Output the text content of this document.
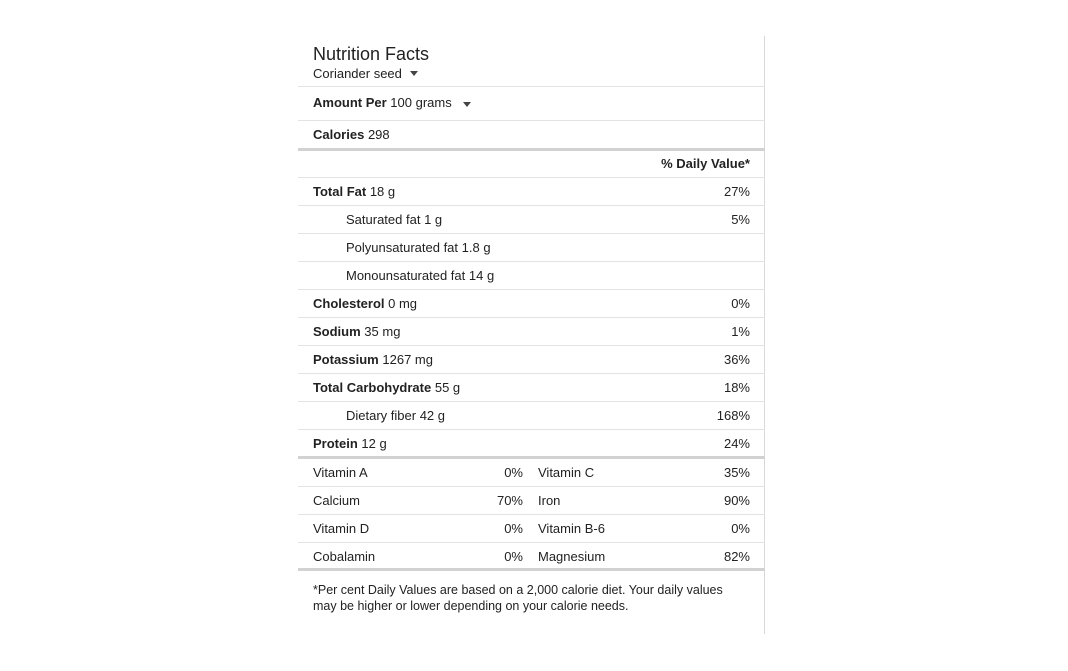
Nutrition Facts
Coriander seed
Amount Per 100 grams
Calories 298
% Daily Value*
Total Fat 18 g	27%
Saturated fat 1 g	5%
Polyunsaturated fat 1.8 g
Monounsaturated fat 14 g
Cholesterol 0 mg	0%
Sodium 35 mg	1%
Potassium 1267 mg	36%
Total Carbohydrate 55 g	18%
Dietary fiber 42 g	168%
Protein 12 g	24%
Vitamin A	0% Vitamin C	35%
Calcium	70% Iron	90%
Vitamin D	0% Vitamin B-6	0%
Cobalamin	0% Magnesium	82%
*Per cent Daily Values are based on a 2,000 calorie diet. Your daily values may be higher or lower depending on your calorie needs.
